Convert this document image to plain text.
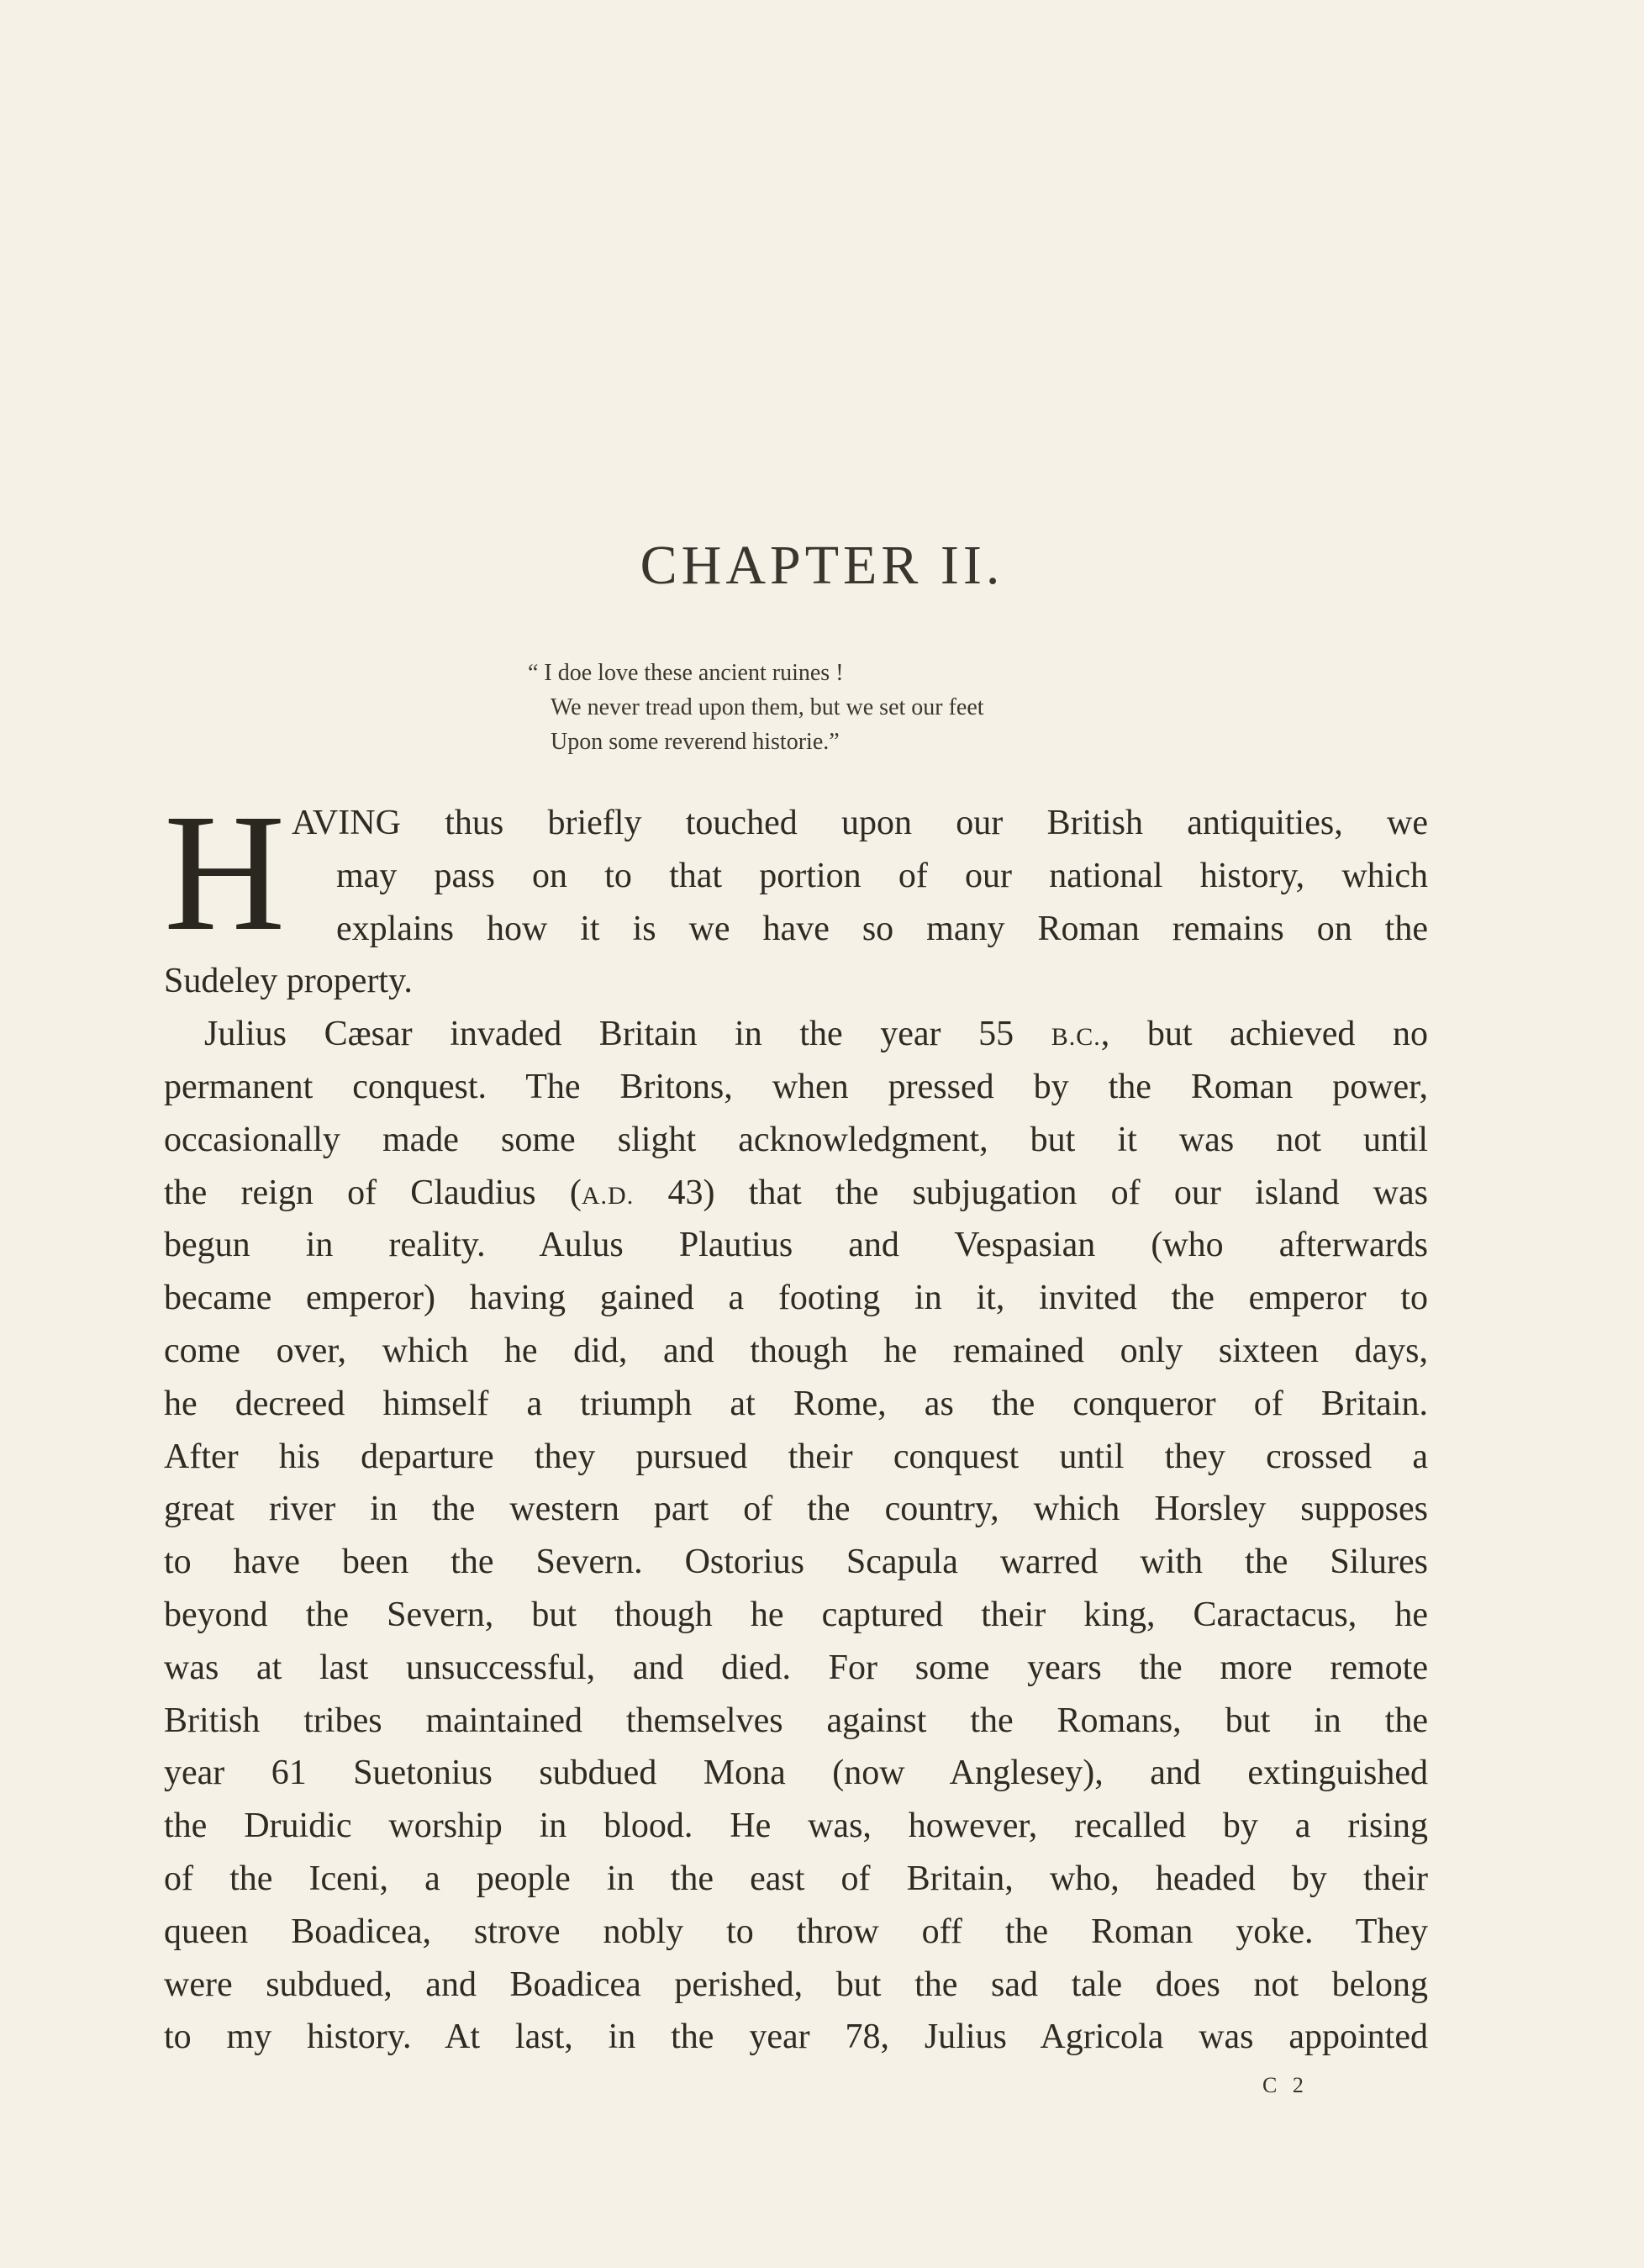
CHAPTER II.
“ I doe love these ancient ruines !
We never tread upon them, but we set our feet
Upon some reverend historie.”
H AVING thus briefly touched upon our British antiquities, we
may pass on to that portion of our national history, which
explains how it is we have so many Roman remains on the
Sudeley property.
Julius Cæsar invaded Britain in the year 55 B.C., but achieved no
permanent conquest. The Britons, when pressed by the Roman power,
occasionally made some slight acknowledgment, but it was not until
the reign of Claudius (A.D. 43) that the subjugation of our island was
begun in reality. Aulus Plautius and Vespasian (who afterwards
became emperor) having gained a footing in it, invited the emperor to
come over, which he did, and though he remained only sixteen days,
he decreed himself a triumph at Rome, as the conqueror of Britain.
After his departure they pursued their conquest until they crossed a
great river in the western part of the country, which Horsley supposes
to have been the Severn. Ostorius Scapula warred with the Silures
beyond the Severn, but though he captured their king, Caractacus, he
was at last unsuccessful, and died. For some years the more remote
British tribes maintained themselves against the Romans, but in the
year 61 Suetonius subdued Mona (now Anglesey), and extinguished
the Druidic worship in blood. He was, however, recalled by a rising
of the Iceni, a people in the east of Britain, who, headed by their
queen Boadicea, strove nobly to throw off the Roman yoke. They
were subdued, and Boadicea perished, but the sad tale does not belong
to my history. At last, in the year 78, Julius Agricola was appointed
C 2
